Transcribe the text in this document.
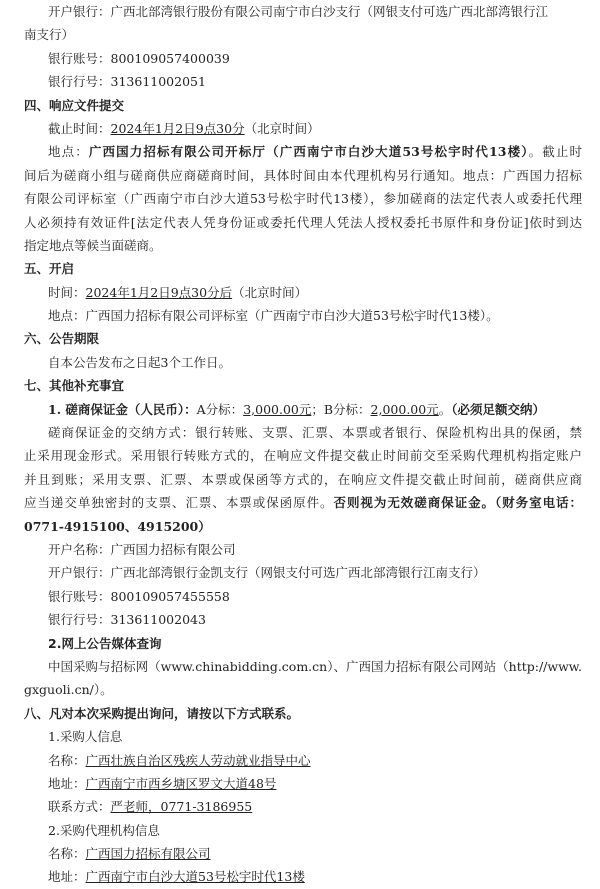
开户银行：广西北部湾银行股份有限公司南宁市白沙支行（网银支付可选广西北部湾银行江
南支行）
银行账号：800109057400039
银行行号：313611002051
四、响应文件提交
截止时间：2024年1月2日9点30分（北京时间）
地点：广西国力招标有限公司开标厅（广西南宁市白沙大道53号松宇时代13楼）。截止时
间后为磋商小组与磋商供应商磋商时间，具体时间由本代理机构另行通知。地点：广西国力招标
有限公司评标室（广西南宁市白沙大道53号松宇时代13楼），参加磋商的法定代表人或委托代理
人必须持有效证件[法定代表人凭身份证或委托代理人凭法人授权委托书原件和身份证]依时到达
指定地点等候当面磋商。
五、开启
时间：2024年1月2日9点30分后（北京时间）
地点：广西国力招标有限公司评标室（广西南宁市白沙大道53号松宇时代13楼）。
六、公告期限
自本公告发布之日起3个工作日。
七、其他补充事宜
1. 磋商保证金（人民币）：A分标：3,000.00元；B分标：2,000.00元。（必须足额交纳）
磋商保证金的交纳方式：银行转账、支票、汇票、本票或者银行、保险机构出具的保函，禁
止采用现金形式。采用银行转账方式的，在响应文件提交截止时间前交至采购代理机构指定账户
并且到账；采用支票、汇票、本票或保函等方式的，在响应文件提交截止时间前，磋商供应商
应当递交单独密封的支票、汇票、本票或保函原件。否则视为无效磋商保证金。（财务室电话：
0771-4915100、4915200）
开户名称：广西国力招标有限公司
开户银行：广西北部湾银行金凯支行（网银支付可选广西北部湾银行江南支行）
银行账号：800109057455558
银行行号：313611002043
2.网上公告媒体查询
中国采购与招标网（www.chinabidding.com.cn）、广西国力招标有限公司网站（http://www.
gxguoli.cn/）。
八、凡对本次采购提出询问，请按以下方式联系。
1.采购人信息
名称：广西壮族自治区残疾人劳动就业指导中心
地址：广西南宁市西乡塘区罗文大道48号
联系方式：严老师，0771-3186955
2.采购代理机构信息
名称：广西国力招标有限公司
地址：广西南宁市白沙大道53号松宇时代13楼
